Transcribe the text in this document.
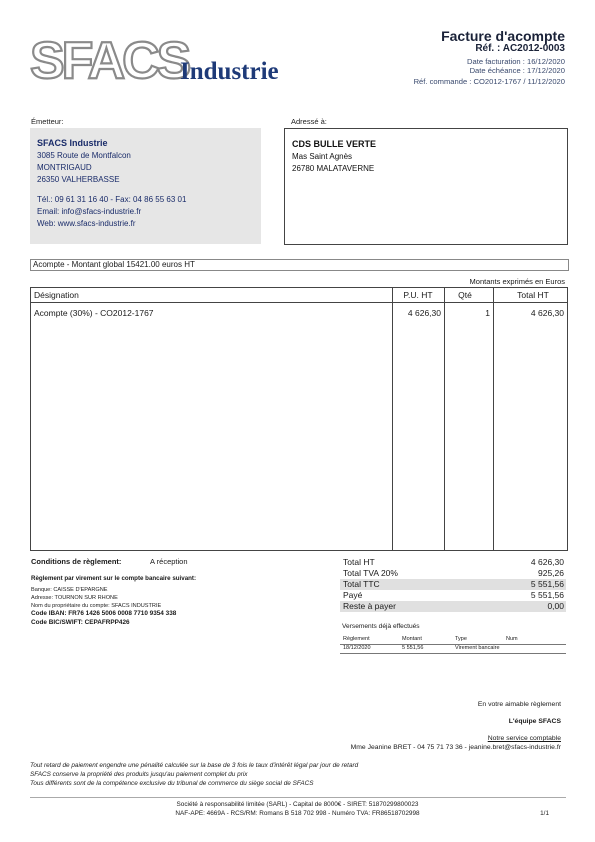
SFACS
Industrie
Facture d'acompte
Réf. : AC2012-0003
Date facturation : 16/12/2020
Date échéance : 17/12/2020
Réf. commande : CO2012-1767 / 11/12/2020
Émetteur:
SFACS Industrie
3085 Route de Montfalcon
MONTRIGAUD
26350 VALHERBASSE
Tél.: 09 61 31 16 40 - Fax: 04 86 55 63 01
Email: info@sfacs-industrie.fr
Web: www.sfacs-industrie.fr
Adressé à:
CDS BULLE VERTE
Mas Saint Agnès
26780 MALATAVERNE
Acompte - Montant global 15421.00 euros HT
Montants exprimés en Euros
Désignation	P.U. HT	Qté	Total HT
Acompte (30%) - CO2012-1767	4 626,30	1	4 626,30
Conditions de règlement:	A réception
Règlement par virement sur le compte bancaire suivant:
Banque: CAISSE D'EPARGNE
Adresse: TOURNON SUR RHONE
Nom du propriétaire du compte: SFACS INDUSTRIE
Code IBAN: FR76 1426 5006 0008 7710 9354 338
Code BIC/SWIFT: CEPAFRPP426
Total HT	4 626,30
Total TVA 20%	925,26
Total TTC	5 551,56
Payé	5 551,56
Reste à payer	0,00
Versements déjà effectués
Règlement	Montant	Type	Num
18/12/2020	5 551,56	Virement bancaire
En votre aimable règlement
L'équipe SFACS
Notre service comptable
Mme Jeanine BRET - 04 75 71 73 36 - jeanine.bret@sfacs-industrie.fr
Tout retard de paiement engendre une pénalité calculée sur la base de 3 fois le taux d'intérêt légal par jour de retard
SFACS conserve la propriété des produits jusqu'au paiement complet du prix
Tous différents sont de la compétence exclusive du tribunal de commerce du siège social de SFACS
Société à responsabilité limitée (SARL) - Capital de 8000€ - SIRET: 51870299800023
NAF-APE: 4669A - RCS/RM: Romans B 518 702 998 - Numéro TVA: FR86518702998	1/1
